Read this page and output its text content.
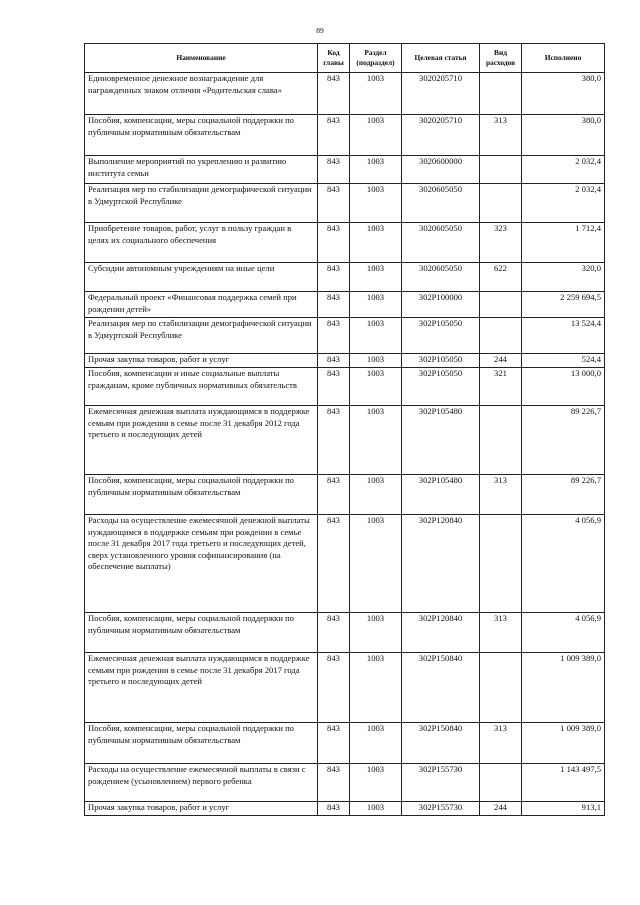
89
Наименование	Код главы	Раздел (подраздел)	Целевая статья	Вид расходов	Исполнено
Единовременное денежное вознаграждение для награжденных знаком отличия «Родительская слава»	843	1003	3020205710		380,0
Пособия, компенсации, меры социальной поддержки по публичным нормативным обязательствам	843	1003	3020205710	313	380,0
Выполнение мероприятий по укреплению и развитию института семьи	843	1003	3020600000		2 032,4
Реализация мер по стабилизации демографической ситуации в Удмуртской Республике	843	1003	3020605050		2 032,4
Приобретение товаров, работ, услуг в пользу граждан в целях их социального обеспечения	843	1003	3020605050	323	1 712,4
Субсидии автономным учреждениям на иные цели	843	1003	3020605050	622	320,0
Федеральный проект «Финансовая поддержка семей при рождении детей»	843	1003	302P100000		2 259 694,5
Реализация мер по стабилизации демографической ситуации в Удмуртской Республике	843	1003	302P105050		13 524,4
Прочая закупка товаров, работ и услуг	843	1003	302P105050	244	524,4
Пособия, компенсации и иные социальные выплаты гражданам, кроме публичных нормативных обязательств	843	1003	302P105050	321	13 000,0
Ежемесячная денежная выплата нуждающимся в поддержке семьям при рождении в семье после 31 декабря 2012 года третьего и последующих детей	843	1003	302P105480		89 226,7
Пособия, компенсации, меры социальной поддержки по публичным нормативным обязательствам	843	1003	302P105480	313	89 226,7
Расходы на осуществление ежемесячной денежной выплаты нуждающимся в поддержке семьям при рождении в семье после 31 декабря 2017 года третьего и последующих детей, сверх установленного уровня софинансирования (на обеспечение выплаты)	843	1003	302P120840		4 056,9
Пособия, компенсации, меры социальной поддержки по публичным нормативным обязательствам	843	1003	302P120840	313	4 056,9
Ежемесячная денежная выплата нуждающимся в поддержке семьям при рождении в семье после 31 декабря 2017 года третьего и последующих детей	843	1003	302P150840		1 009 389,0
Пособия, компенсации, меры социальной поддержки по публичным нормативным обязательствам	843	1003	302P150840	313	1 009 389,0
Расходы на осуществление ежемесячной выплаты в связи с рождением (усыновлением) первого ребенка	843	1003	302P155730		1 143 497,5
Прочая закупка товаров, работ и услуг	843	1003	302P155730	244	913,1
